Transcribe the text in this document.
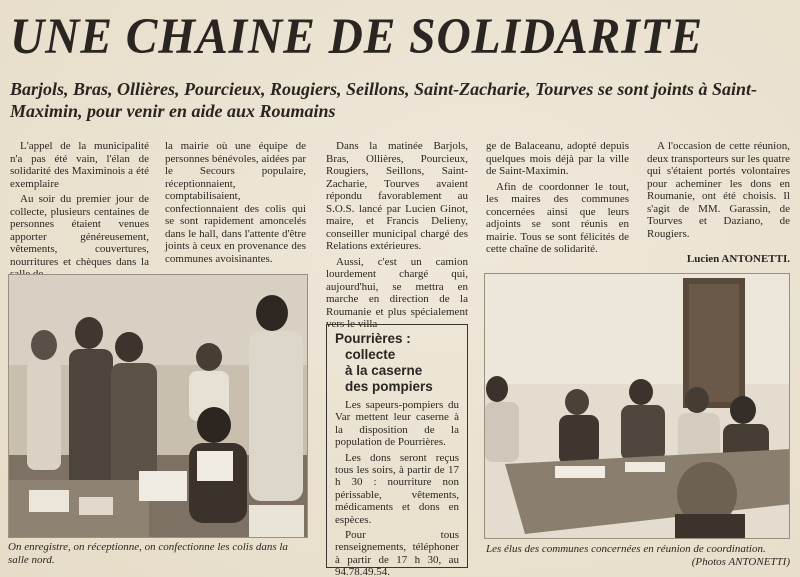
UNE CHAINE DE SOLIDARITE
Barjols, Bras, Ollières, Pourcieux, Rougiers, Seillons, Saint-Zacharie, Tourves se sont joints à Saint-Maximin, pour venir en aide aux Roumains

L'appel de la municipalité n'a pas été vain, l'élan de solidarité des Maximinois a été exemplaire

Au soir du premier jour de collecte, plusieurs centaines de personnes étaient venues apporter généreusement, vêtements, couvertures, nourritures et chèques dans la

la mairie où une équipe de personnes bénévoles, aidées par le Secours populaire, réceptionnaient, comptabilisaient, confectionnaient des colis qui se sont rapidement amoncelés dans le hall, dans l'attente d'être joints à ceux en provenance des communes avoisinantes.

Dans la matinée Barjols, Bras, Ollières, Pourcieux, Rougiers, Seillons, Saint-Zacharie, Tourves avaient répondu favorablement au S.O.S. lancé par Lucien Ginot, maire, et Francis Delieny, conseiller municipal chargé des Relations extérieures.

Aussi, c'est un camion lourdement chargé qui, aujourd'hui, se mettra en marche en direction de la Roumanie et plus spécialement vers le villa-

ge de Balaceanu, adopté depuis quelques mois déjà par la ville de Saint-Maximin.

Afin de coordonner le tout, les maires des communes concernées ainsi que leurs adjoints se sont réunis en mairie. Tous se sont félicités de cette chaîne de solidarité.

A l'occasion de cette réunion, deux transporteurs sur les quatre qui s'étaient portés volontaires pour acheminer les dons en Roumanie, ont été choisis. Il s'agit de MM. Garassin, de Tourves et Daziano, de Rougiers.

Lucien ANTONETTI.
On enregistre, on réceptionne, on confectionne les colis dans la salle nord.
Pourrières :
collecte
à la caserne
des pompiers

Les sapeurs-pompiers du Var mettent leur caserne à la disposition de la population de Pourrières.

Les dons seront reçus tous les soirs, à partir de 17 h 30 : nourriture non périssable, vêtements, médicaments et dons en espèces.

Pour tous renseignements, téléphoner à partir de 17 h 30, au 94.78.49.54.

Les élus des communes concernées en réunion de coordination.
(Photos ANTONETTI)
